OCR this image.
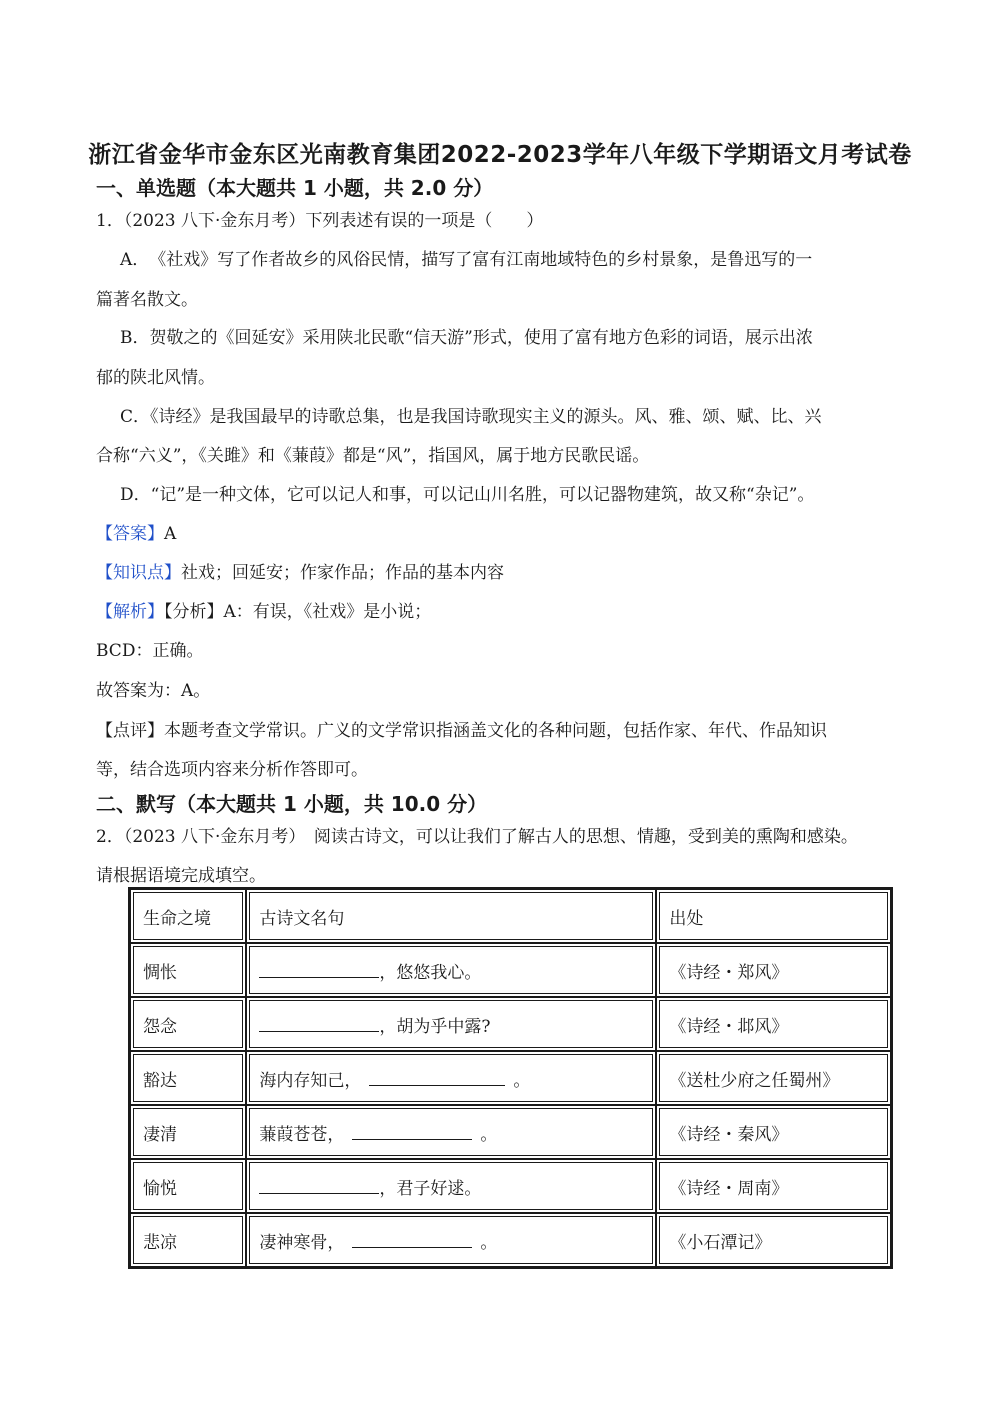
浙江省金华市金东区光南教育集团2022-2023学年八年级下学期语文月考试卷
一、单选题（本大题共 1 小题，共 2.0 分）
1．（2023 八下·金东月考）下列表述有误的一项是（　　）
A．　《社戏》写了作者故乡的风俗民情，描写了富有江南地域特色的乡村景象，是鲁迅写的一
篇著名散文。
B．贺敬之的《回延安》采用陕北民歌“信天游”形式，使用了富有地方色彩的词语，展示出浓
郁的陕北风情。
C．《诗经》是我国最早的诗歌总集，也是我国诗歌现实主义的源头。风、雅、颂、赋、比、兴
合称“六义”，《关雎》和《蒹葭》都是“风”，指国风，属于地方民歌民谣。
D．“记”是一种文体，它可以记人和事，可以记山川名胜，可以记器物建筑，故又称“杂记”。
【答案】A
【知识点】社戏；回延安；作家作品；作品的基本内容
【解析】【分析】A：有误，《社戏》是小说；
BCD：正确。
故答案为：A。
【点评】本题考查文学常识。广义的文学常识指涵盖文化的各种问题，包括作家、年代、作品知识
等，结合选项内容来分析作答即可。
二、默写（本大题共 1 小题，共 10.0 分）
2．（2023 八下·金东月考）　阅读古诗文，可以让我们了解古人的思想、情趣，受到美的熏陶和感染。
请根据语境完成填空。
生命之境	古诗文名句	出处
惆怅	，悠悠我心。	《诗经・郑风》
怨念	，胡为乎中露?	《诗经・邶风》
豁达	海内存知己， 。	《送杜少府之任蜀州》
凄清	蒹葭苍苍， 。	《诗经・秦风》
愉悦	，君子好逑。	《诗经・周南》
悲凉	凄神寒骨， 。	《小石潭记》
